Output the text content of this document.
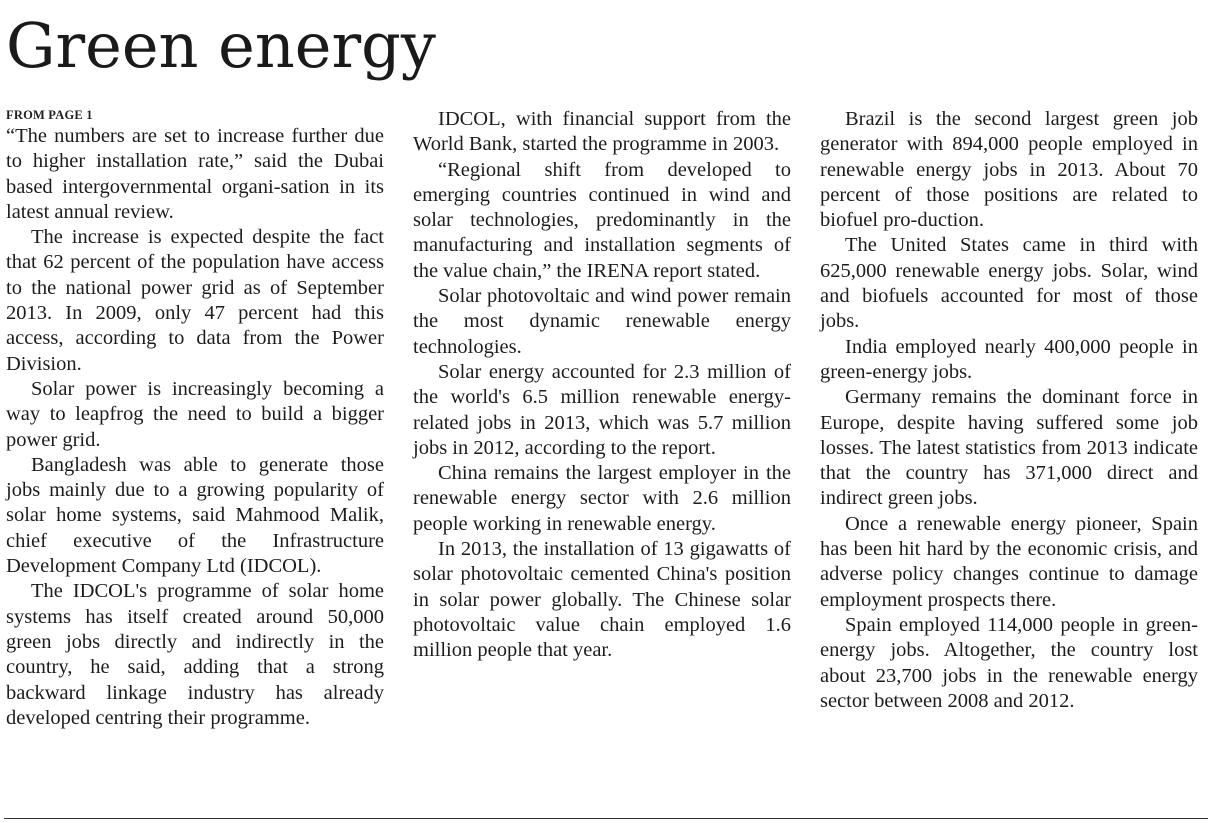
Green energy
FROM PAGE 1

“The numbers are set to increase further due to higher installation rate,” said the Dubai based intergovernmental organi-sation in its latest annual review.

The increase is expected despite the fact that 62 percent of the population have access to the national power grid as of September 2013. In 2009, only 47 percent had this access, according to data from the Power Division.

Solar power is increasingly becoming a way to leapfrog the need to build a bigger power grid.

Bangladesh was able to generate those jobs mainly due to a growing popularity of solar home systems, said Mahmood Malik, chief executive of the Infrastructure Development Company Ltd (IDCOL).

The IDCOL's programme of solar home systems has itself created around 50,000 green jobs directly and indirectly in the country, he said, adding that a strong backward linkage industry has already developed centring their programme.

IDCOL, with financial support from the World Bank, started the programme in 2003.

“Regional shift from developed to emerging countries continued in wind and solar technologies, predominantly in the manufacturing and installation segments of the value chain,” the IRENA report stated.

Solar photovoltaic and wind power remain the most dynamic renewable energy technologies.

Solar energy accounted for 2.3 million of the world's 6.5 million renewable energy-related jobs in 2013, which was 5.7 million jobs in 2012, according to the report.

China remains the largest employer in the renewable energy sector with 2.6 million people working in renewable energy.

In 2013, the installation of 13 gigawatts of solar photovoltaic cemented China's position in solar power globally. The Chinese solar photovoltaic value chain employed 1.6 million people that year.

Brazil is the second largest green job generator with 894,000 people employed in renewable energy jobs in 2013. About 70 percent of those positions are related to biofuel pro-duction.

The United States came in third with 625,000 renewable energy jobs. Solar, wind and biofuels accounted for most of those jobs.

India employed nearly 400,000 people in green-energy jobs.

Germany remains the dominant force in Europe, despite having suffered some job losses. The latest statistics from 2013 indicate that the country has 371,000 direct and indirect green jobs.

Once a renewable energy pioneer, Spain has been hit hard by the economic crisis, and adverse policy changes continue to damage employment prospects there.

Spain employed 114,000 people in green-energy jobs. Altogether, the country lost about 23,700 jobs in the renewable energy sector between 2008 and 2012.
